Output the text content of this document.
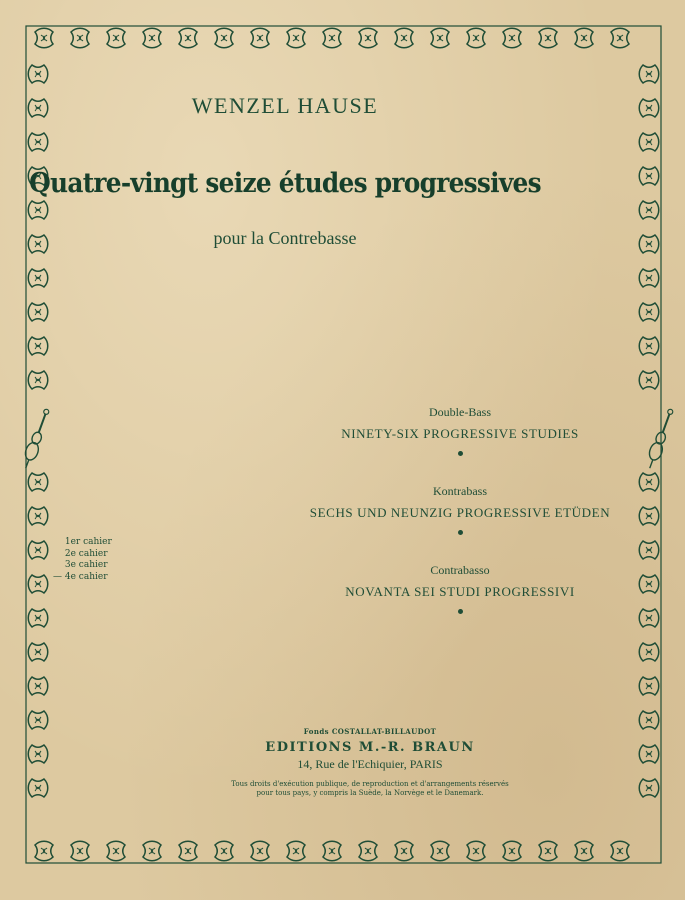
WENZEL HAUSE
Quatre-vingt seize études progressives
pour la Contrebasse
Double-Bass
NINETY-SIX PROGRESSIVE STUDIES
Kontrabass
SECHS UND NEUNZIG PROGRESSIVE ETÜDEN
Contrabasso
NOVANTA SEI STUDI PROGRESSIVI
1er cahier
2e cahier
3e cahier
— 4e cahier
Fonds COSTALLAT-BILLAUDOT
EDITIONS M.-R. BRAUN
14, Rue de l'Echiquier, PARIS
Tous droits d'exécution publique, de reproduction et d'arrangements réservés
pour tous pays, y compris la Suède, la Norvège et le Danemark.
